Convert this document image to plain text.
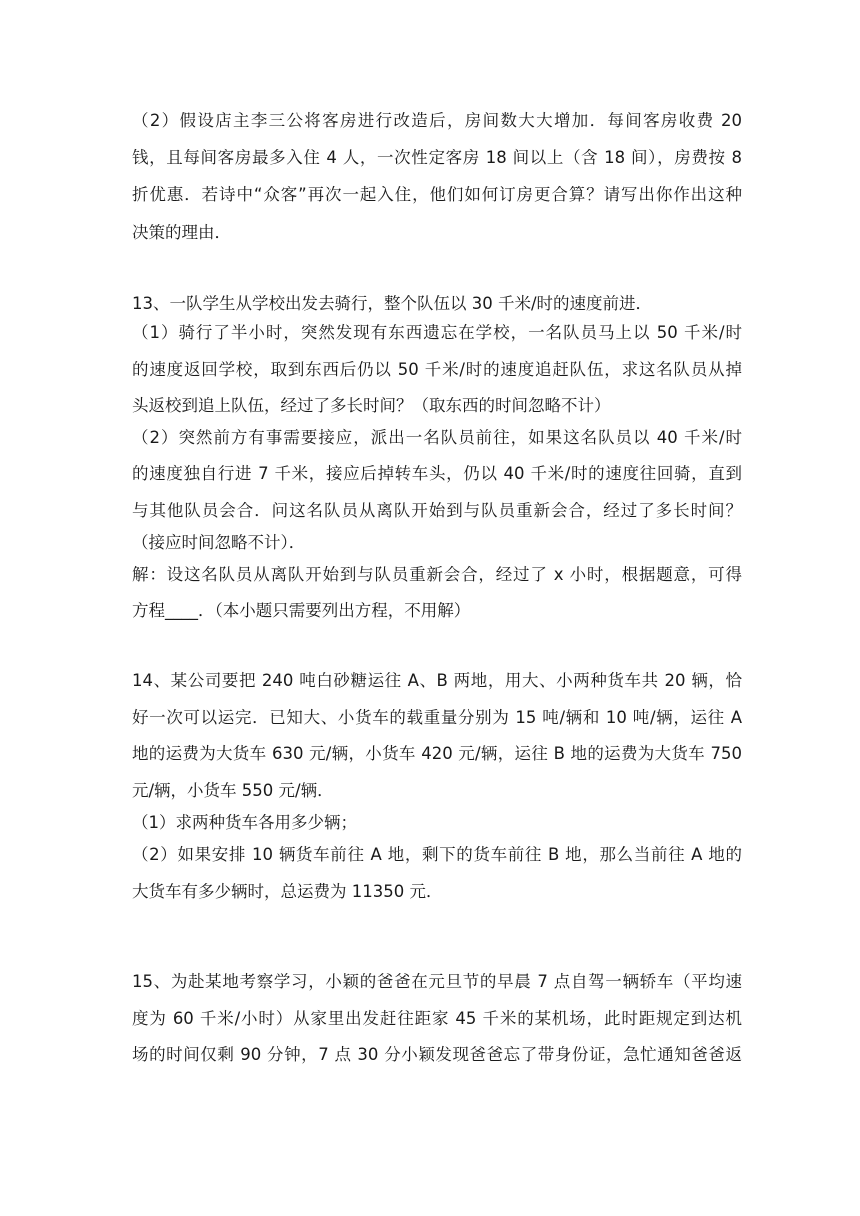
（2）假设店主李三公将客房进行改造后，房间数大大增加．每间客房收费 20
钱，且每间客房最多入住 4 人，一次性定客房 18 间以上（含 18 间），房费按 8
折优惠．若诗中“众客”再次一起入住，他们如何订房更合算？请写出你作出这种
决策的理由．
13、一队学生从学校出发去骑行，整个队伍以 30 千米/时的速度前进．
（1）骑行了半小时，突然发现有东西遗忘在学校，一名队员马上以 50 千米/时
的速度返回学校，取到东西后仍以 50 千米/时的速度追赶队伍，求这名队员从掉
头返校到追上队伍，经过了多长时间？（取东西的时间忽略不计）
（2）突然前方有事需要接应，派出一名队员前往，如果这名队员以 40 千米/时
的速度独自行进 7 千米，接应后掉转车头，仍以 40 千米/时的速度往回骑，直到
与其他队员会合．问这名队员从离队开始到与队员重新会合，经过了多长时间？
（接应时间忽略不计）．
解：设这名队员从离队开始到与队员重新会合，经过了 x 小时，根据题意，可得
方程____．（本小题只需要列出方程，不用解）
14、某公司要把 240 吨白砂糖运往 A、B 两地，用大、小两种货车共 20 辆，恰
好一次可以运完．已知大、小货车的载重量分别为 15 吨/辆和 10 吨/辆，运往 A
地的运费为大货车 630 元/辆，小货车 420 元/辆，运往 B 地的运费为大货车 750
元/辆，小货车 550 元/辆．
（1）求两种货车各用多少辆；
（2）如果安排 10 辆货车前往 A 地，剩下的货车前往 B 地，那么当前往 A 地的
大货车有多少辆时，总运费为 11350 元．
15、为赴某地考察学习，小颖的爸爸在元旦节的早晨 7 点自驾一辆轿车（平均速
度为 60 千米/小时）从家里出发赶往距家 45 千米的某机场，此时距规定到达机
场的时间仅剩 90 分钟，7 点 30 分小颖发现爸爸忘了带身份证，急忙通知爸爸返
